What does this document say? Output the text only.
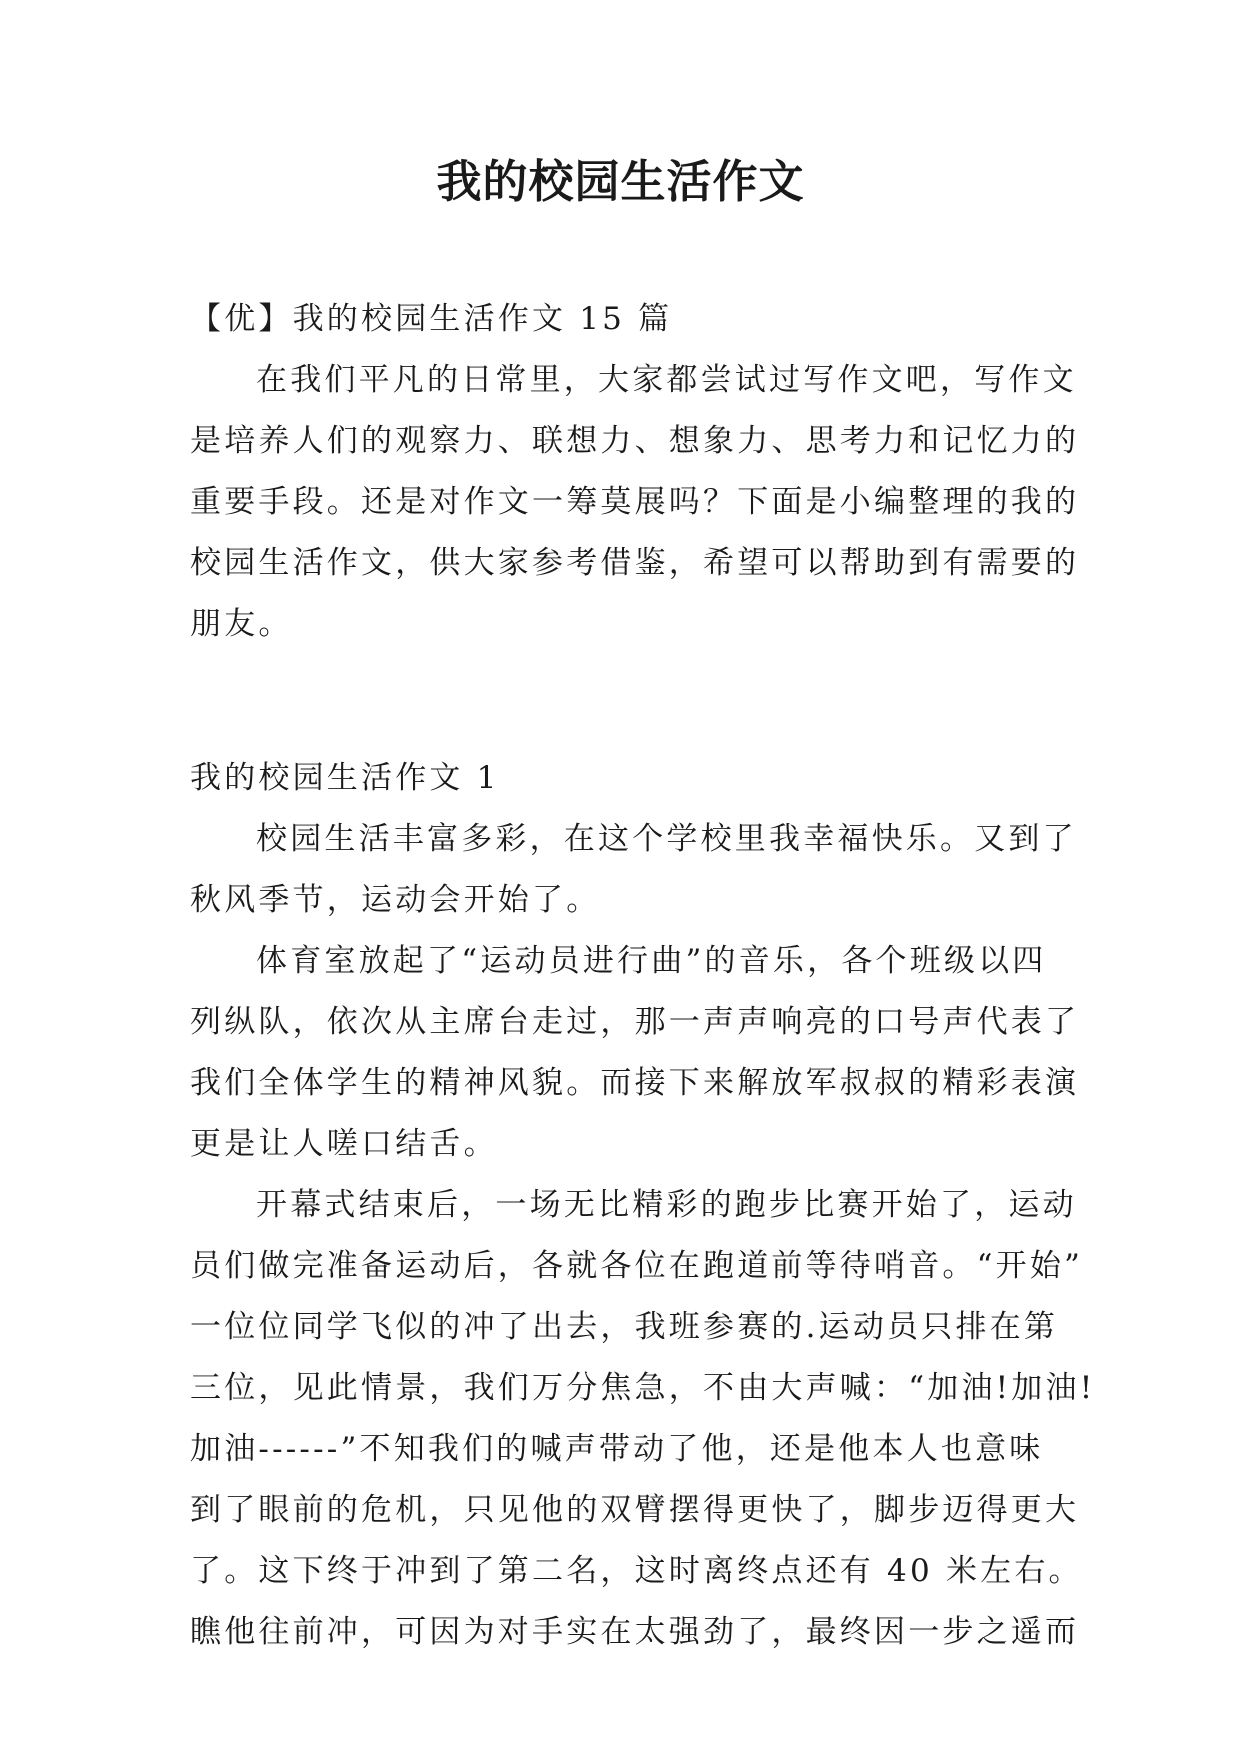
我的校园生活作文
【优】我的校园生活作文 15 篇
在我们平凡的日常里，大家都尝试过写作文吧，写作文
是培养人们的观察力、联想力、想象力、思考力和记忆力的
重要手段。还是对作文一筹莫展吗？下面是小编整理的我的
校园生活作文，供大家参考借鉴，希望可以帮助到有需要的
朋友。
我的校园生活作文 1
校园生活丰富多彩，在这个学校里我幸福快乐。又到了
秋风季节，运动会开始了。
体育室放起了“运动员进行曲”的音乐，各个班级以四
列纵队，依次从主席台走过，那一声声响亮的口号声代表了
我们全体学生的精神风貌。而接下来解放军叔叔的精彩表演
更是让人嗟口结舌。
开幕式结束后，一场无比精彩的跑步比赛开始了，运动
员们做完准备运动后，各就各位在跑道前等待哨音。“开始”
一位位同学飞似的冲了出去，我班参赛的.运动员只排在第
三位，见此情景，我们万分焦急，不由大声喊：“加油!加油!
加油------”不知我们的喊声带动了他，还是他本人也意味
到了眼前的危机，只见他的双臂摆得更快了，脚步迈得更大
了。这下终于冲到了第二名，这时离终点还有 40 米左右。
瞧他往前冲，可因为对手实在太强劲了，最终因一步之遥而
